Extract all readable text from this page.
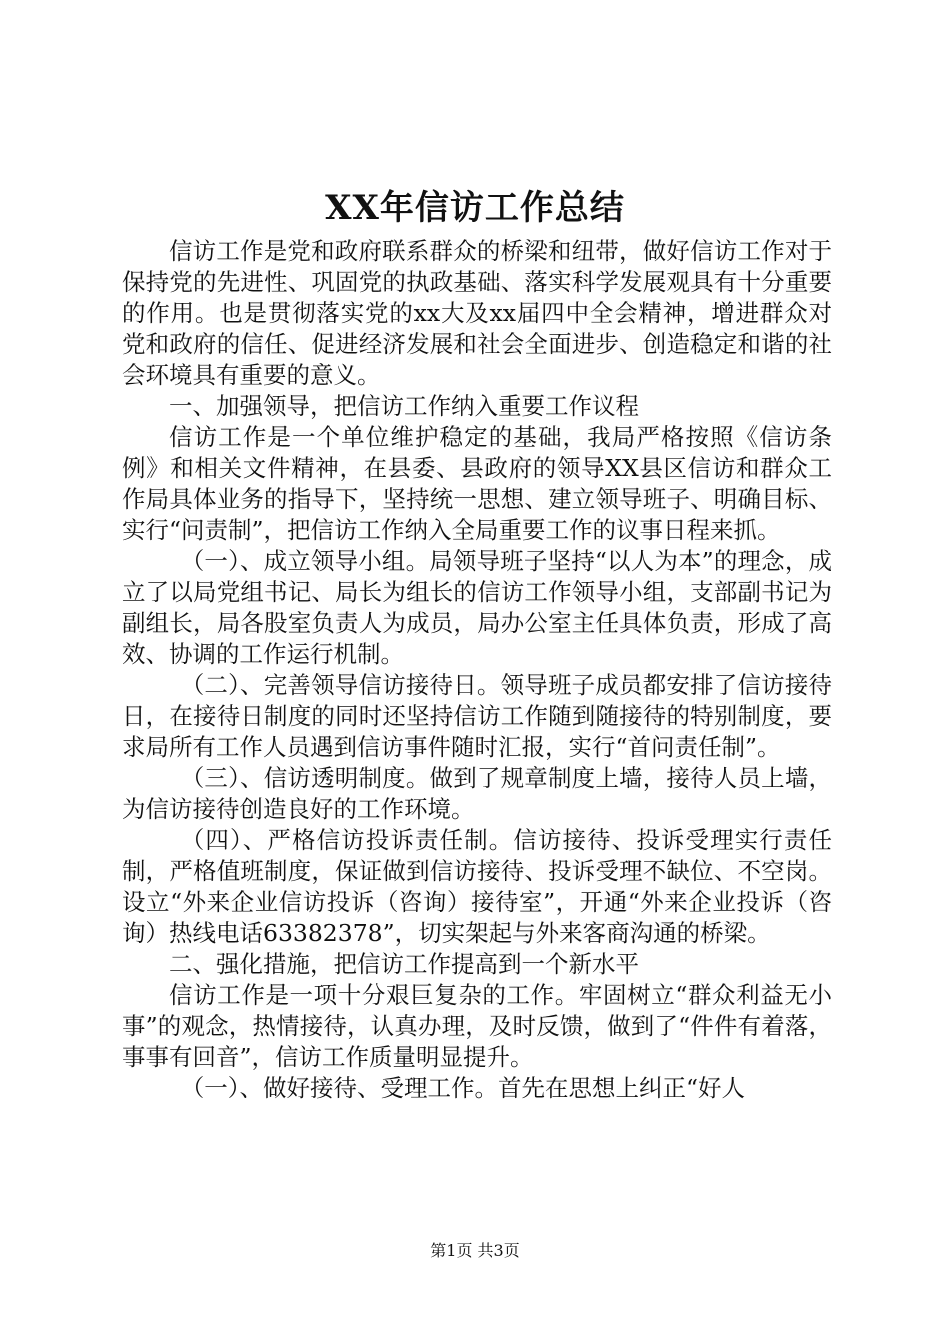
XX年信访工作总结

信访工作是党和政府联系群众的桥梁和纽带，做好信访工作对于保持党的先进性、巩固党的执政基础、落实科学发展观具有十分重要的作用。也是贯彻落实党的xx大及xx届四中全会精神，增进群众对党和政府的信任、促进经济发展和社会全面进步、创造稳定和谐的社会环境具有重要的意义。

一、加强领导，把信访工作纳入重要工作议程

信访工作是一个单位维护稳定的基础，我局严格按照《信访条例》和相关文件精神，在县委、县政府的领导XX县区信访和群众工作局具体业务的指导下，坚持统一思想、建立领导班子、明确目标、实行“问责制”，把信访工作纳入全局重要工作的议事日程来抓。

（一）、成立领导小组。局领导班子坚持“以人为本”的理念，成立了以局党组书记、局长为组长的信访工作领导小组，支部副书记为副组长，局各股室负责人为成员，局办公室主任具体负责，形成了高效、协调的工作运行机制。

（二）、完善领导信访接待日。领导班子成员都安排了信访接待日，在接待日制度的同时还坚持信访工作随到随接待的特别制度，要求局所有工作人员遇到信访事件随时汇报，实行“首问责任制”。

（三）、信访透明制度。做到了规章制度上墙，接待人员上墙，为信访接待创造良好的工作环境。

（四）、严格信访投诉责任制。信访接待、投诉受理实行责任制，严格值班制度，保证做到信访接待、投诉受理不缺位、不空岗。设立“外来企业信访投诉（咨询）接待室”，开通“外来企业投诉（咨询）热线电话63382378”，切实架起与外来客商沟通的桥梁。

二、强化措施，把信访工作提高到一个新水平

信访工作是一项十分艰巨复杂的工作。牢固树立“群众利益无小事”的观念，热情接待，认真办理，及时反馈，做到了“件件有着落，事事有回音”，信访工作质量明显提升。

（一）、做好接待、受理工作。首先在思想上纠正“好人

第1页 共3页
